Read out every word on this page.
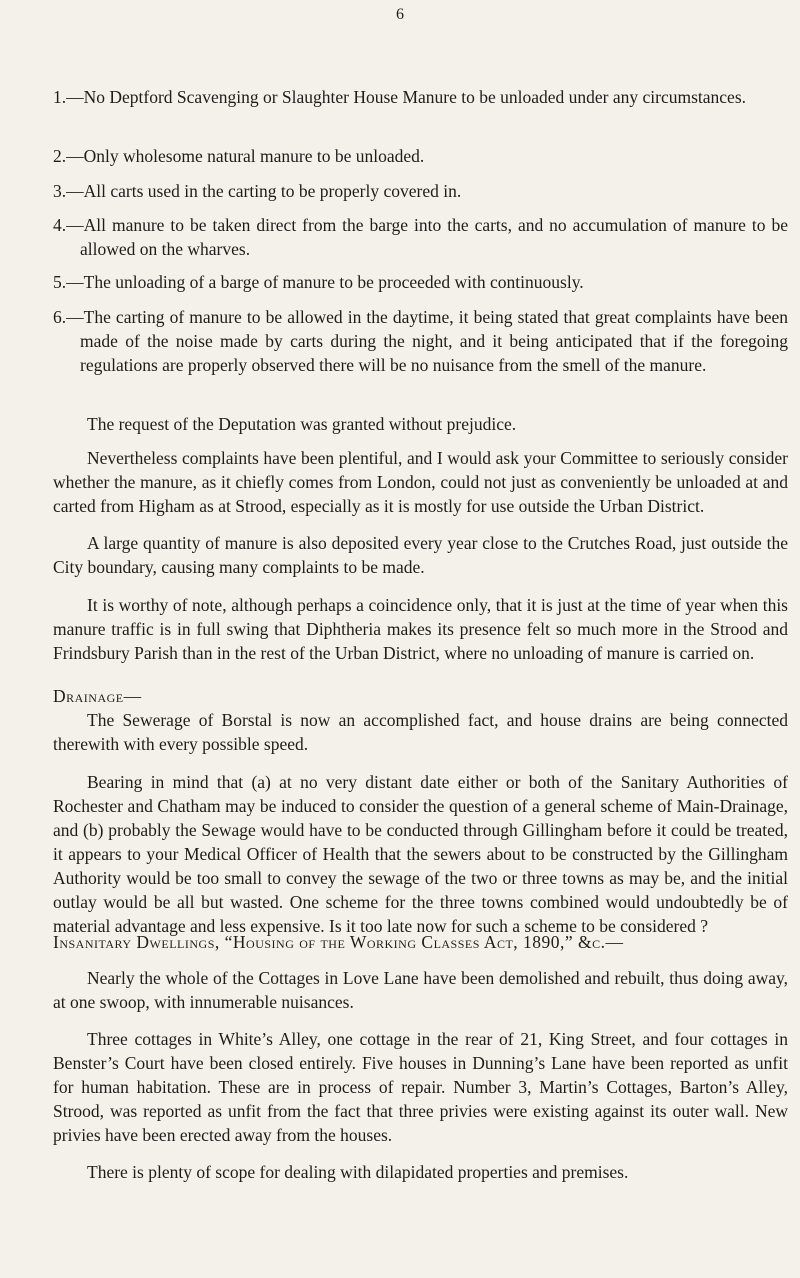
6

1.—No Deptford Scavenging or Slaughter House Manure to be unloaded under any circumstances.

2.—Only wholesome natural manure to be unloaded.

3.—All carts used in the carting to be properly covered in.

4.—All manure to be taken direct from the barge into the carts, and no accumulation of manure to be allowed on the wharves.

5.—The unloading of a barge of manure to be proceeded with continuously.

6.—The carting of manure to be allowed in the daytime, it being stated that great complaints have been made of the noise made by carts during the night, and it being anticipated that if the foregoing regulations are properly observed there will be no nuisance from the smell of the manure.

The request of the Deputation was granted without prejudice.

Nevertheless complaints have been plentiful, and I would ask your Committee to seriously consider whether the manure, as it chiefly comes from London, could not just as conveniently be unloaded at and carted from Higham as at Strood, especially as it is mostly for use outside the Urban District.

A large quantity of manure is also deposited every year close to the Crutches Road, just outside the City boundary, causing many complaints to be made.

It is worthy of note, although perhaps a coincidence only, that it is just at the time of year when this manure traffic is in full swing that Diphtheria makes its presence felt so much more in the Strood and Frindsbury Parish than in the rest of the Urban District, where no unloading of manure is carried on.

Drainage—

The Sewerage of Borstal is now an accomplished fact, and house drains are being connected therewith with every possible speed.

Bearing in mind that (a) at no very distant date either or both of the Sanitary Authorities of Rochester and Chatham may be induced to consider the question of a general scheme of Main-Drainage, and (b) probably the Sewage would have to be conducted through Gillingham before it could be treated, it appears to your Medical Officer of Health that the sewers about to be constructed by the Gillingham Authority would be too small to convey the sewage of the two or three towns as may be, and the initial outlay would be all but wasted. One scheme for the three towns combined would undoubtedly be of material advantage and less expensive. Is it too late now for such a scheme to be considered ?

Insanitary Dwellings, “Housing of the Working Classes Act, 1890,” &c.—

Nearly the whole of the Cottages in Love Lane have been demolished and rebuilt, thus doing away, at one swoop, with innumerable nuisances.

Three cottages in White’s Alley, one cottage in the rear of 21, King Street, and four cottages in Benster’s Court have been closed entirely. Five houses in Dunning’s Lane have been reported as unfit for human habitation. These are in process of repair. Number 3, Martin’s Cottages, Barton’s Alley, Strood, was reported as unfit from the fact that three privies were existing against its outer wall. New privies have been erected away from the houses.

There is plenty of scope for dealing with dilapidated properties and premises.
